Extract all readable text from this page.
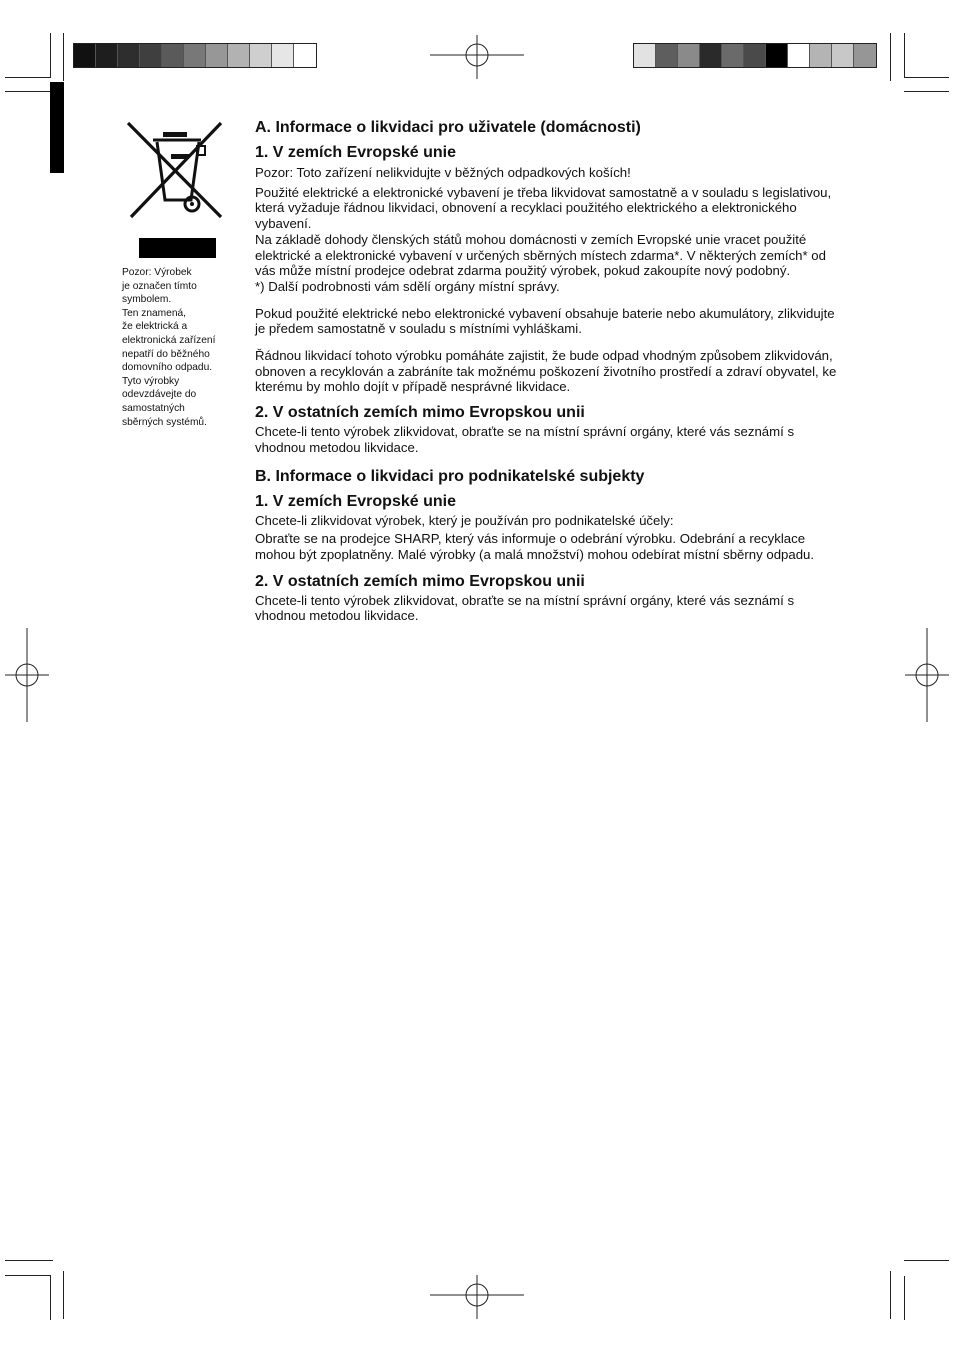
Pozor: Výrobek
je označen tímto
symbolem.
Ten znamená,
že elektrická a
elektronická zařízení
nepatří do běžného
domovního odpadu.
Tyto výrobky
odevzdávejte do
samostatných
sběrných systémů.
A. Informace o likvidaci pro uživatele (domácnosti)
1. V zemích Evropské unie

Pozor: Toto zařízení nelikvidujte v běžných odpadkových koších!

Použité elektrické a elektronické vybavení je třeba likvidovat samostatně a v souladu s legislativou, která vyžaduje řádnou likvidaci, obnovení a recyklaci použitého elektrického a elektronického vybavení.

Na základě dohody členských států mohou domácnosti v zemích Evropské unie vracet použité elektrické a elektronické vybavení v určených sběrných místech zdarma*. V některých zemích* od vás může místní prodejce odebrat zdarma použitý výrobek, pokud zakoupíte nový podobný.

*) Další podrobnosti vám sdělí orgány místní správy.

Pokud použité elektrické nebo elektronické vybavení obsahuje baterie nebo akumulátory, zlikvidujte je předem samostatně v souladu s místními vyhláškami.

Řádnou likvidací tohoto výrobku pomáháte zajistit, že bude odpad vhodným způsobem zlikvidován, obnoven a recyklován a zabráníte tak možnému poškození životního prostředí a zdraví obyvatel, ke kterému by mohlo dojít v případě nesprávné likvidace.

2. V ostatních zemích mimo Evropskou unii

Chcete-li tento výrobek zlikvidovat, obraťte se na místní správní orgány, které vás seznámí s vhodnou metodou likvidace.

B. Informace o likvidaci pro podnikatelské subjekty
1. V zemích Evropské unie

Chcete-li zlikvidovat výrobek, který je používán pro podnikatelské účely:

Obraťte se na prodejce SHARP, který vás informuje o odebrání výrobku. Odebrání a recyklace mohou být zpoplatněny. Malé výrobky (a malá množství) mohou odebírat místní sběrny odpadu.

2. V ostatních zemích mimo Evropskou unii

Chcete-li tento výrobek zlikvidovat, obraťte se na místní správní orgány, které vás seznámí s vhodnou metodou likvidace.
